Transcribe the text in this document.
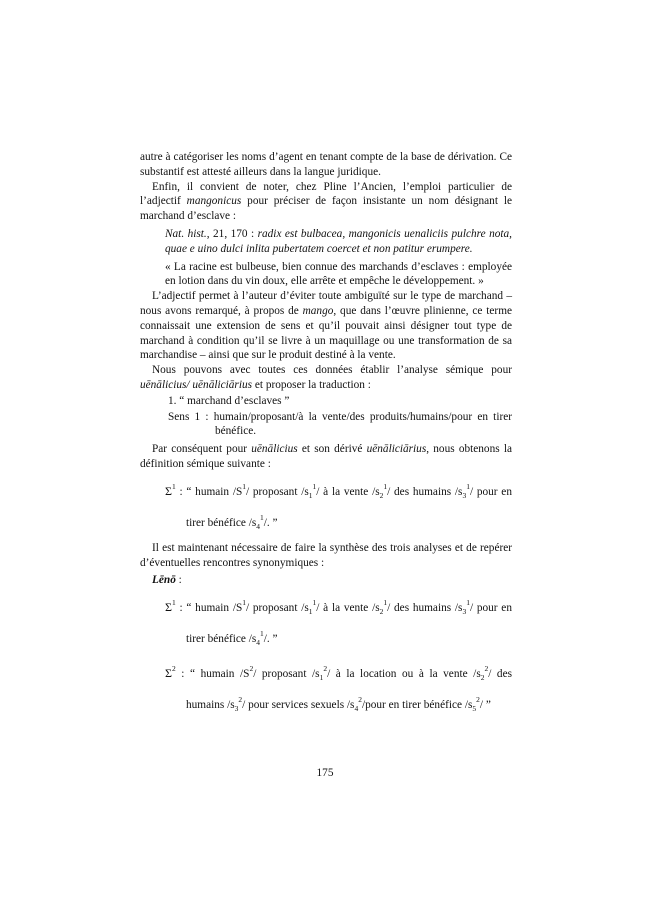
autre à catégoriser les noms d’agent en tenant compte de la base de dérivation. Ce substantif est attesté ailleurs dans la langue juridique.

Enfin, il convient de noter, chez Pline l’Ancien, l’emploi particulier de l’adjectif mangonicus pour préciser de façon insistante un nom désignant le marchand d’esclave :

Nat. hist., 21, 170 : radix est bulbacea, mangonicis uenaliciis pulchre nota, quae e uino dulci inlita pubertatem coercet et non patitur erumpere.

« La racine est bulbeuse, bien connue des marchands d’esclaves : employée en lotion dans du vin doux, elle arrête et empêche le développement. »

L’adjectif permet à l’auteur d’éviter toute ambiguïté sur le type de marchand – nous avons remarqué, à propos de mango, que dans l’œuvre plinienne, ce terme connaissait une extension de sens et qu’il pouvait ainsi désigner tout type de marchand à condition qu’il se livre à un maquillage ou une transformation de sa marchandise – ainsi que sur le produit destiné à la vente.

Nous pouvons avec toutes ces données établir l’analyse sémique pour uēnālicius/ uēnāliciārius et proposer la traduction :

1. “ marchand d’esclaves ”

Sens 1 : humain/proposant/à la vente/des produits/humains/pour en tirer bénéfice.

Par conséquent pour uēnālicius et son dérivé uēnāliciārius, nous obtenons la définition sémique suivante :

$\Sigma^1$ : “ humain $/S^1/$ proposant $/s_1^1/$ à la vente $/s_2^1/$ des humains $/s_3^1/$ pour en tirer bénéfice $/s_4^1/$. ”

Il est maintenant nécessaire de faire la synthèse des trois analyses et de repérer d’éventuelles rencontres synonymiques :

Lēnō :

$\Sigma^1$ : “ humain $/S^1/$ proposant $/s_1^1/$ à la vente $/s_2^1/$ des humains $/s_3^1/$ pour en tirer bénéfice $/s_4^1/$. ”

$\Sigma^2$ : “ humain $/S^2/$ proposant $/s_1^2/$ à la location ou à la vente $/s_2^2/$ des humains $/s_3^2/$ pour services sexuels $/s_4^2$/pour en tirer bénéfice $/s_5^2/$ ”

175
